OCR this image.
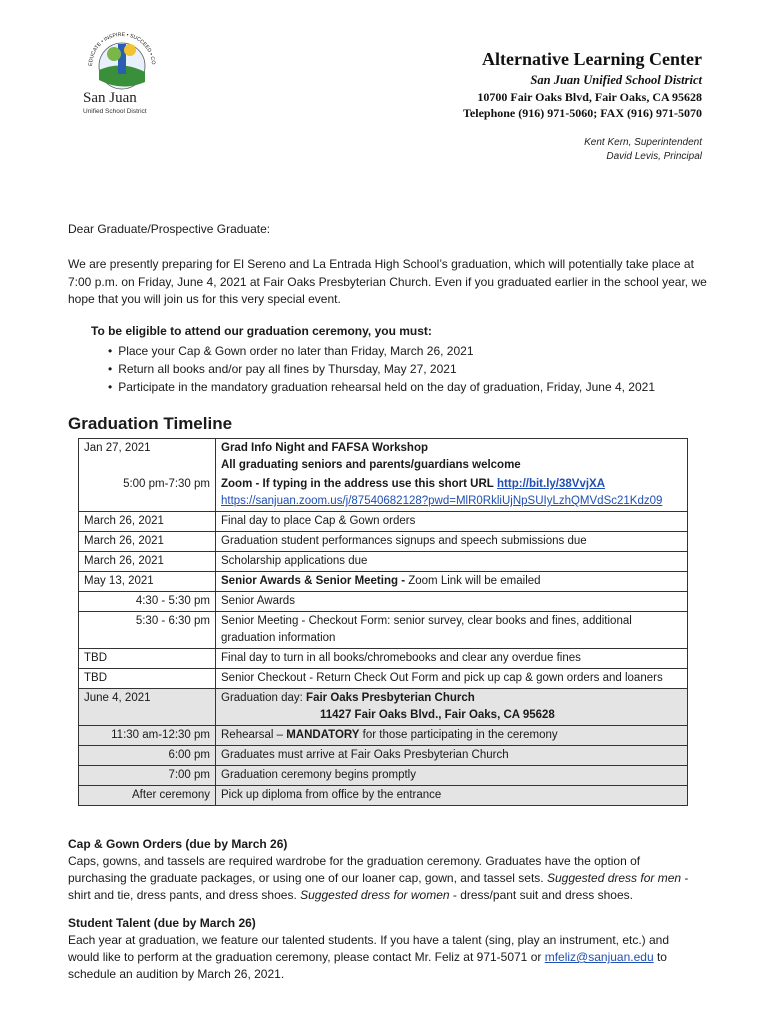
EDUCATE • INSPIRE • SUCCEED • CO
San Juan
Unified School District
Alternative Learning Center
San Juan Unified School District
10700 Fair Oaks Blvd, Fair Oaks, CA 95628
Telephone (916) 971-5060; FAX (916) 971-5070
Kent Kern, Superintendent
David Levis, Principal
Dear Graduate/Prospective Graduate:
We are presently preparing for El Sereno and La Entrada High School’s graduation, which will potentially take place at 7:00 p.m. on Friday, June 4, 2021 at Fair Oaks Presbyterian Church. Even if you graduated earlier in the school year, we hope that you will join us for this very special event.
To be eligible to attend our graduation ceremony, you must:
• Place your Cap & Gown order no later than Friday, March 26, 2021
• Return all books and/or pay all fines by Thursday, May 27, 2021
• Participate in the mandatory graduation rehearsal held on the day of graduation, Friday, June 4, 2021
Graduation Timeline
Jan 27, 2021	Grad Info Night and FAFSA Workshop
All graduating seniors and parents/guardians welcome

5:00 pm-7:30 pm	Zoom - If typing in the address use this short URL http://bit.ly/38VvjXA
https://sanjuan.zoom.us/j/87540682128?pwd=MlR0RkliUjNpSUIyLzhQMVdSc21Kdz09

March 26, 2021	Final day to place Cap & Gown orders
March 26, 2021	Graduation student performances signups and speech submissions due
March 26, 2021	Scholarship applications due
May 13, 2021	Senior Awards & Senior Meeting - Zoom Link will be emailed
4:30 - 5:30 pm	Senior Awards
5:30 - 6:30 pm	Senior Meeting - Checkout Form: senior survey, clear books and fines, additional graduation information
TBD	Final day to turn in all books/chromebooks and clear any overdue fines
TBD	Senior Checkout - Return Check Out Form and pick up cap & gown orders and loaners
June 4, 2021	Graduation day: Fair Oaks Presbyterian Church
11427 Fair Oaks Blvd., Fair Oaks, CA 95628

11:30 am-12:30 pm	Rehearsal – MANDATORY for those participating in the ceremony
6:00 pm	Graduates must arrive at Fair Oaks Presbyterian Church
7:00 pm	Graduation ceremony begins promptly
After ceremony	Pick up diploma from office by the entrance
Cap & Gown Orders (due by March 26)
Caps, gowns, and tassels are required wardrobe for the graduation ceremony. Graduates have the option of purchasing the graduate packages, or using one of our loaner cap, gown, and tassel sets. Suggested dress for men - shirt and tie, dress pants, and dress shoes. Suggested dress for women - dress/pant suit and dress shoes.
Student Talent (due by March 26)
Each year at graduation, we feature our talented students. If you have a talent (sing, play an instrument, etc.) and would like to perform at the graduation ceremony, please contact Mr. Feliz at 971-5071 or mfeliz@sanjuan.edu to schedule an audition by March 26, 2021.
